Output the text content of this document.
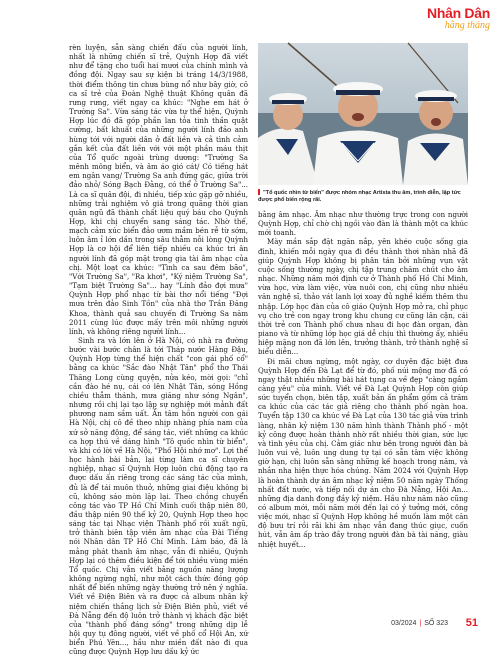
Nhân Dân
hằng tháng

rèn luyện, sẵn sàng chiến đấu của người lính, nhất là những chiến sĩ trẻ, Quỳnh Hợp đã viết như để tặng cho tuổi hai mươi của chính mình và đồng đội. Ngay sau sự kiện bi tráng 14/3/1988, thời điểm thông tin chưa bùng nổ như bây giờ, cô ca sĩ trẻ của Đoàn Nghệ thuật Không quân đã rưng rưng, viết ngay ca khúc: "Nghe em hát ở Trường Sa". Vừa sáng tác vừa tự thể hiện, Quỳnh Hợp lúc đó đã góp phần lan tỏa tinh thần quật cường, bất khuất của những người lính đảo anh hùng tới với người dân ở đất liền và cả tình cảm gắn kết của đất liền với với một phần máu thịt của Tổ quốc ngoài trùng dương: "Trường Sa mênh mông biển, và âm áo gió cát/ Có tiếng hát em ngân vang/ Trường Sa anh đứng gác, giữa trời đảo nhỏ/ Sóng Bạch Đằng, có thể ở Trường Sa"... Là ca sĩ quân đội, đi nhiều, tiếp xúc gặp gỡ nhiều, những trải nghiệm vô giá trong quãng thời gian quân ngũ đã thành chất liệu quý báu cho Quỳnh Hợp, khi chị chuyển sang sáng tác. Nhờ thế, mạch cảm xúc biển đảo ươm mầm bén rễ từ sớm, luôn âm ỉ lớn dần trong sâu thẳm nỗi lòng Quỳnh Hợp là cơ hội để liên tiếp nhiều ca khúc tri ân người lính đã góp mặt trong gia tài âm nhạc của chị. Một loạt ca khúc: "Tình ca sau đêm bão", "Với Trường Sa", "Ra khơi", "Ký niệm Trường Sa", "Tạm biệt Trường Sa"... hay "Lính đảo đợi mưa" Quỳnh Hợp phổ nhạc từ bài thơ nổi tiếng "Đợi mưa trên đảo Sinh Tồn" của nhà thơ Trần Đăng Khoa, thành quả sau chuyến đi Trường Sa năm 2011 cùng lúc được mấy trên môi những người lính, và không riêng người lính...

Sinh ra và lớn lên ở Hà Nội, có nhà ra đường bước vài bước chân là tới Tháp nước Hàng Đậu, Quỳnh Hợp từng thể hiện chất "con gái phố cổ" bằng ca khúc "Sắc đào Nhật Tân" phổ thơ Thái Thăng Long cùng quyện, nửa kéo, mời gọi: "chỉ cần đào hé nụ, cái có lên Nhật Tân, sóng Hồng chiều thẳm thánh, mưa giăng như sóng Ngân", nhưng rồi chị lại tạo lập sự nghiệp mới mảnh đất phương nam sầm uất. Ẩn tâm hồn người con gái Hà Nội, chị cô đề theo nhịp nhàng phía nam của xứ sở năng động, để sáng tác, viết những ca khúc ca hợp thú về dáng hình "Tô quốc nhìn từ biển", và khi có lời về Hà Nội, "Phố Hội nhớ mơ". Lợi thế học hành bài bản, lại từng làm ca sĩ chuyên nghiệp, nhạc sĩ Quỳnh Hợp luôn chú động tạo ra được dấu ấn riêng trong các sáng tác của mình, đủ là để tái muôn thuở, những giai điệu không bị cũ, không sáo mòn lặp lại. Theo chồng chuyển công tác vào TP Hồ Chí Minh cuối thập niên 80, đầu thập niên 90 thế kỷ 20, Quỳnh Hợp theo học sáng tác tại Nhạc viện Thành phố rồi xuất ngũ, trở thành biên tập viên âm nhạc của Đài Tiếng nói Nhân dân TP Hồ Chí Minh. Làm báo, đã là mảng phát thanh âm nhạc, vẫn đi nhiều, Quỳnh Hợp lại có thêm điều kiện để tới nhiều vùng miền Tổ quốc. Chị vẫn viết bằng nguồn năng lượng không ngừng nghỉ, như một cách thức đóng góp nhất để biến những ngày thường trở nên ý nghĩa. Viết về Điện Biên và ra được cả album nhân kỷ niệm chiến thắng lịch sử Điện Biên phủ, viết về Đà Nẵng đến độ luôn trở thành vị khách đặc biệt của "thành phố đáng sống" trong những dịp lễ hội quy tụ đông người, viết về phố cổ Hội An, xứ biển Phú Yên..., hầu như miền đất nào đi qua cũng được Quỳnh Hợp lưu dấu kỷ ức

"Tổ quốc nhìn từ biển" được nhóm nhạc Artista thu âm, trình diễn, lập tức được phổ biến rộng rãi.

bằng âm nhạc. Âm nhạc như thường trực trong con người Quỳnh Hợp, chỉ chờ chị ngồi vào đàn là thành một ca khúc mới toanh.

Mày mần sắp đặt ngăn nắp, yên khéo cuộc sống gia đình, khiến mỗi ngày qua đi đều thành thơi nhàn nhã đã giúp Quỳnh Hợp không bị phân tán bởi những vụn vặt cuộc sống thường ngày, chị tập trung chăm chút cho âm nhạc. Những năm mới định cư ở Thành phố Hồ Chí Minh, vừa học, vừa làm việc, vừa nuôi con, chị cũng như nhiều văn nghệ sĩ, thảo vát lanh lợi xoay đủ nghề kiếm thêm thu nhập. Lớp học đàn của cô giáo Quỳnh Hợp mở ra, chỉ phục vụ cho trẻ con ngay trong khu chung cư cũng lân cận, cái thời trẻ con Thành phố chưa nhau đi học đàn organ, đàn piano và từ những lớp học giá dễ chịu thì thường ấy, nhiều hiệp mặng non đã lớn lên, trưởng thành, trở thành nghệ sĩ biểu diễn...

Đi mãi chưa ngừng, một ngày, cơ duyên đặc biệt đưa Quỳnh Hợp đến Đà Lạt để từ đó, phố núi mộng mơ đã có ngay thật nhiều những bài hát tụng ca về đẹp "càng ngắm càng yêu" của mình. Viết về Đà Lạt Quỳnh Hợp còn giúp sức tuyển chọn, biên tập, xuất bản ấn phẩm gồm cả trăm ca khúc của các tác giả riêng cho thành phố ngàn hoa. Tuyển tập 130 ca khúc về Đà Lạt của 130 tác giả vừa trình làng, nhân kỷ niệm 130 năm hình thành Thành phố - một kỷ công được hoàn thành nhờ rất nhiều thời gian, sức lực và tình yêu của chị. Cảm giác như bên trong người đàn bà luôn vui vẻ, luôn ung dung tự tại có sẵn tâm việc không giờ hạn, chị luôn sẵn sàng những kế hoạch trong năm, và nhắn nha hiện thực hóa chúng. Năm 2024 với Quỳnh Hợp là hoàn thành dự án âm nhạc kỷ niệm 50 năm ngày Thống nhất đất nước, và tiếp nối dự án cho Đà Nẵng, Hội An... những địa danh đong đầy kỷ niệm. Hầu như năm nào cũng có album mới, mỗi năm mới đến lại có ý tưởng mới, công việc mới, nhạc sĩ Quỳnh Hợp không hề muốn làm một căn độ bưu trí rồi rãi khi âm nhạc vẫn đang thúc giục, cuốn hút, vẫn âm ấp trào đầy trong người đàn bà tài năng, giàu nhiệt huyết...

03/2024 | SỐ 323 51
